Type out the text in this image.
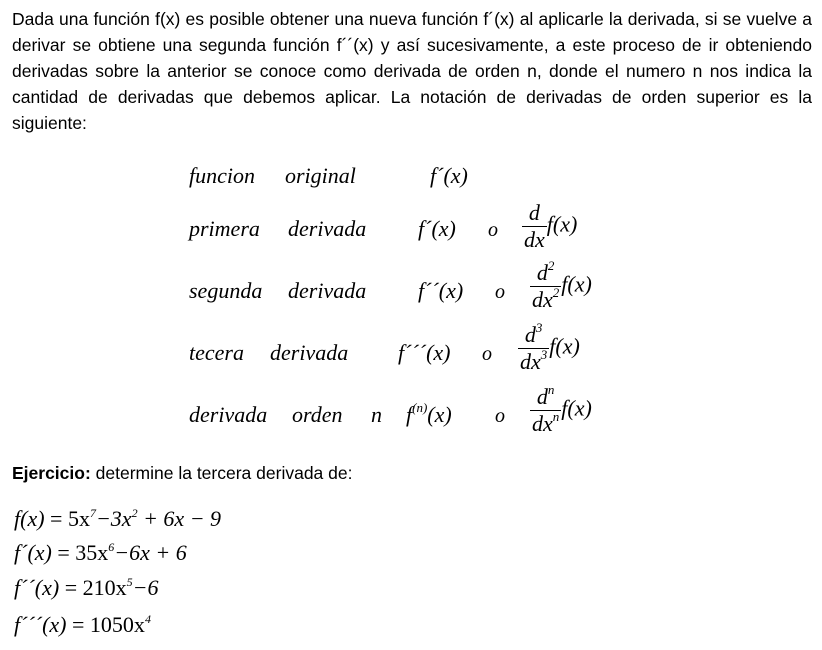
Dada una función f(x) es posible obtener una nueva función f´(x) al aplicarle la derivada, si se vuelve a derivar se obtiene una segunda función f´´(x) y así sucesivamente, a este proceso de ir obteniendo derivadas sobre la anterior se conoce como derivada de orden n, donde el numero n nos indica la cantidad de derivadas que debemos aplicar. La notación de derivadas de orden superior es la siguiente:

funcion original	f´(x)
primera derivada f´(x) o $\frac{d}{dx} f(x)$
segunda derivada f´´(x) o $\frac{d^2}{dx^2} f(x)$
tecera derivada f´´´(x) o $\frac{d^3}{dx^3} f(x)$
derivada orden n $f^{(n)}(x)$ o $\frac{d^n}{dx^n} f(x)$

Ejercicio: determine la tercera derivada de:

$f(x) = 5x^7-3x^2 + 6x - 9$
f´(x) = $35x^6-6x + 6$
f´´(x) = $210x^5-6$
f´´´(x) = $1050x^4$
